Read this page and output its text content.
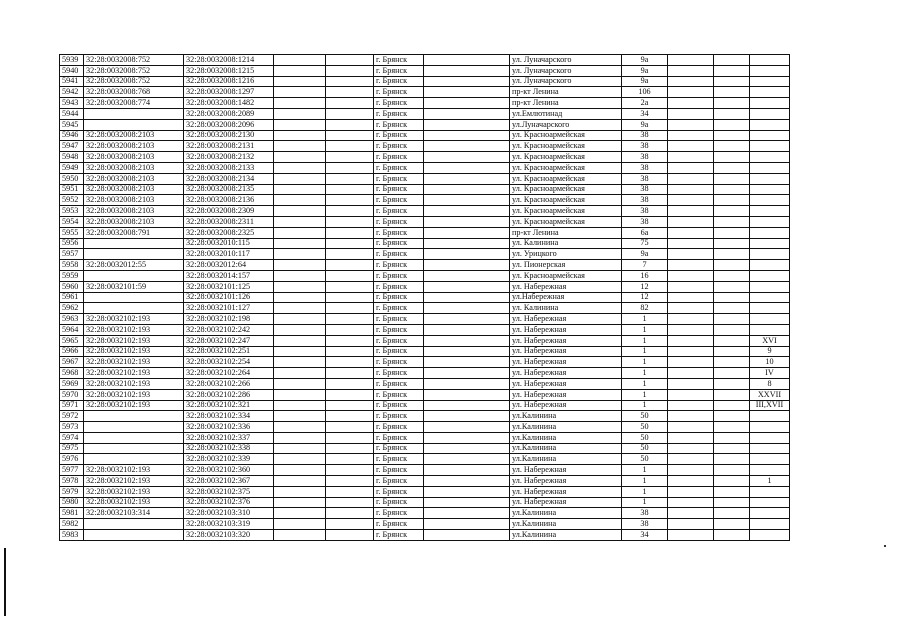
5939	32:28:0032008:752	32:28:0032008:1214			г. Брянск		ул. Луначарского	9а			
5940	32:28:0032008:752	32:28:0032008:1215			г. Брянск		ул. Луначарского	9а			
5941	32:28:0032008:752	32:28:0032008:1216			г. Брянск		ул. Луначарского	9а			
5942	32:28:0032008:768	32:28:0032008:1297			г. Брянск		пр-кт Ленина	106			
5943	32:28:0032008:774	32:28:0032008:1482			г. Брянск		пр-кт Ленина	2а			
5944		32:28:0032008:2089			г. Брянск		ул.Емлютинад	34			
5945		32:28:0032008:2096			г. Брянск		ул.Луначарского	9а			
5946	32:28:0032008:2103	32:28:0032008:2130			г. Брянск		ул. Красноармейская	38			
5947	32:28:0032008:2103	32:28:0032008:2131			г. Брянск		ул. Красноармейская	38			
5948	32:28:0032008:2103	32:28:0032008:2132			г. Брянск		ул. Красноармейская	38			
5949	32:28:0032008:2103	32:28:0032008:2133			г. Брянск		ул. Красноармейская	38			
5950	32:28:0032008:2103	32:28:0032008:2134			г. Брянск		ул. Красноармейская	38			
5951	32:28:0032008:2103	32:28:0032008:2135			г. Брянск		ул. Красноармейская	38			
5952	32:28:0032008:2103	32:28:0032008:2136			г. Брянск		ул. Красноармейская	38			
5953	32:28:0032008:2103	32:28:0032008:2309			г. Брянск		ул. Красноармейская	38			
5954	32:28:0032008:2103	32:28:0032008:2311			г. Брянск		ул. Красноармейская	38			
5955	32:28:0032008:791	32:28:0032008:2325			г. Брянск		пр-кт Ленина	6а			
5956		32:28:0032010:115			г. Брянск		ул. Калинина	75			
5957		32:28:0032010:117			г. Брянск		ул. Урицкого	9а			
5958	32:28:0032012:55	32:28:0032012:64			г. Брянск		ул. Пионерская	7			
5959		32:28:0032014:157			г. Брянск		ул. Красноармейская	16			
5960	32:28:0032101:59	32:28:0032101:125			г. Брянск		ул. Набережная	12			
5961		32:28:0032101:126			г. Брянск		ул.Набережная	12			
5962		32:28:0032101:127			г. Брянск		ул. Калинина	82			
5963	32:28:0032102:193	32:28:0032102:198			г. Брянск		ул. Набережная	1			
5964	32:28:0032102:193	32:28:0032102:242			г. Брянск		ул. Набережная	1			
5965	32:28:0032102:193	32:28:0032102:247			г. Брянск		ул. Набережная	1			XVI
5966	32:28:0032102:193	32:28:0032102:251			г. Брянск		ул. Набережная	1			9
5967	32:28:0032102:193	32:28:0032102:254			г. Брянск		ул. Набережная	1			10
5968	32:28:0032102:193	32:28:0032102:264			г. Брянск		ул. Набережная	1			IV
5969	32:28:0032102:193	32:28:0032102:266			г. Брянск		ул. Набережная	1			8
5970	32:28:0032102:193	32:28:0032102:286			г. Брянск		ул. Набережная	1			XXVII
5971	32:28:0032102:193	32:28:0032102:321			г. Брянск		ул. Набережная	1			III,XVII
5972		32:28:0032102:334			г. Брянск		ул.Калинина	50			
5973		32:28:0032102:336			г. Брянск		ул.Калинина	50			
5974		32:28:0032102:337			г. Брянск		ул.Калинина	50			
5975		32:28:0032102:338			г. Брянск		ул.Калинина	50			
5976		32:28:0032102:339			г. Брянск		ул.Калинина	50			
5977	32:28:0032102:193	32:28:0032102:360			г. Брянск		ул. Набережная	1			
5978	32:28:0032102:193	32:28:0032102:367			г. Брянск		ул. Набережная	1			1
5979	32:28:0032102:193	32:28:0032102:375			г. Брянск		ул. Набережная	1			
5980	32:28:0032102:193	32:28:0032102:376			г. Брянск		ул. Набережная	1			
5981	32:28:0032103:314	32:28:0032103:310			г. Брянск		ул.Калинина	38			
5982		32:28:0032103:319			г. Брянск		ул.Калинина	38			
5983		32:28:0032103:320			г. Брянск		ул.Калинина	34			
